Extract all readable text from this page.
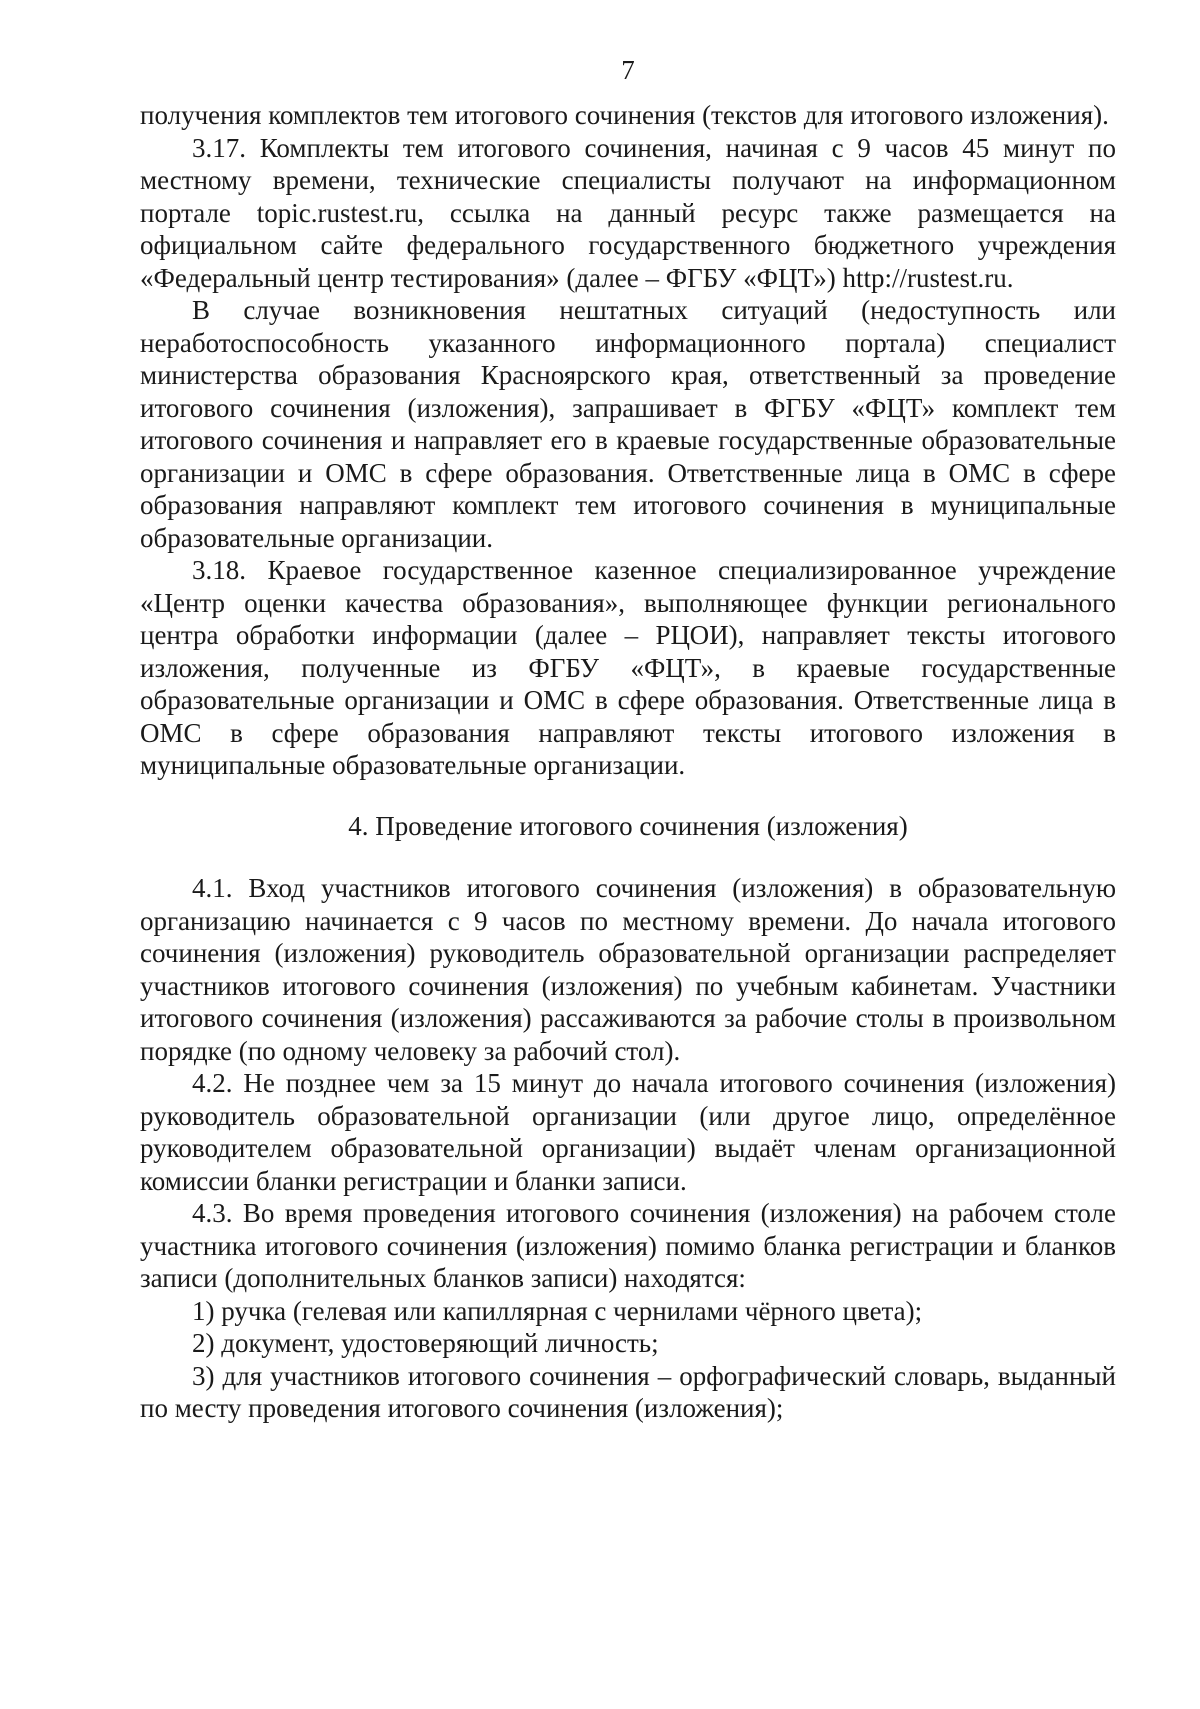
7

получения комплектов тем итогового сочинения (текстов для итогового изложения).

3.17. Комплекты тем итогового сочинения, начиная с 9 часов 45 минут по местному времени, технические специалисты получают на информационном портале topic.rustest.ru, ссылка на данный ресурс также размещается на официальном сайте федерального государственного бюджетного учреждения «Федеральный центр тестирования» (далее – ФГБУ «ФЦТ») http://rustest.ru.

В случае возникновения нештатных ситуаций (недоступность или неработоспособность указанного информационного портала) специалист министерства образования Красноярского края, ответственный за проведение итогового сочинения (изложения), запрашивает в ФГБУ «ФЦТ» комплект тем итогового сочинения и направляет его в краевые государственные образовательные организации и ОМС в сфере образования. Ответственные лица в ОМС в сфере образования направляют комплект тем итогового сочинения в муниципальные образовательные организации.

3.18. Краевое государственное казенное специализированное учреждение «Центр оценки качества образования», выполняющее функции регионального центра обработки информации (далее – РЦОИ), направляет тексты итогового изложения, полученные из ФГБУ «ФЦТ», в краевые государственные образовательные организации и ОМС в сфере образования. Ответственные лица в ОМС в сфере образования направляют тексты итогового изложения в муниципальные образовательные организации.

4. Проведение итогового сочинения (изложения)

4.1. Вход участников итогового сочинения (изложения) в образовательную организацию начинается с 9 часов по местному времени. До начала итогового сочинения (изложения) руководитель образовательной организации распределяет участников итогового сочинения (изложения) по учебным кабинетам. Участники итогового сочинения (изложения) рассаживаются за рабочие столы в произвольном порядке (по одному человеку за рабочий стол).

4.2. Не позднее чем за 15 минут до начала итогового сочинения (изложения) руководитель образовательной организации (или другое лицо, определённое руководителем образовательной организации) выдаёт членам организационной комиссии бланки регистрации и бланки записи.

4.3. Во время проведения итогового сочинения (изложения) на рабочем столе участника итогового сочинения (изложения) помимо бланка регистрации и бланков записи (дополнительных бланков записи) находятся:

1) ручка (гелевая или капиллярная с чернилами чёрного цвета);

2) документ, удостоверяющий личность;

3) для участников итогового сочинения – орфографический словарь, выданный по месту проведения итогового сочинения (изложения);
